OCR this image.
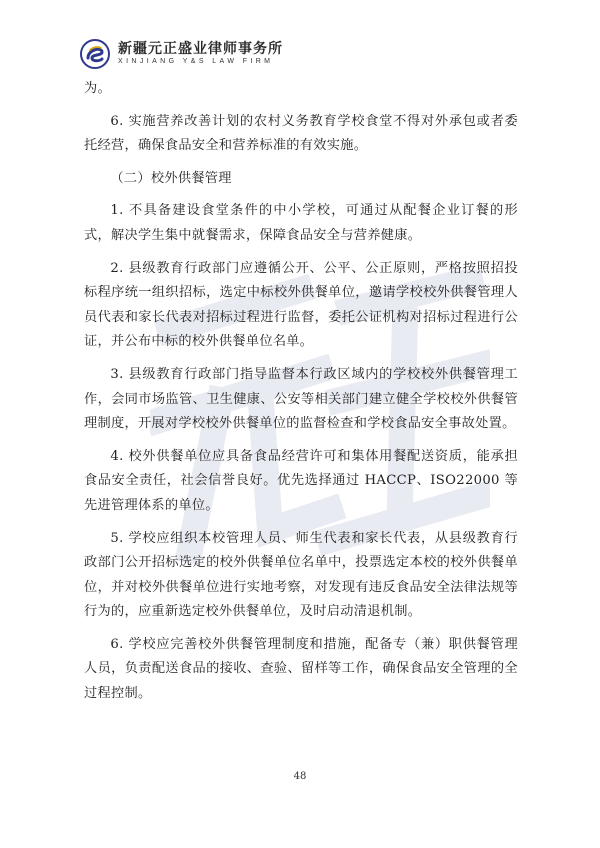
新疆元正盛业律师事务所
XINJIANG Y&S LAW FIRM

为。

6. 实施营养改善计划的农村义务教育学校食堂不得对外承包或者委托经营，确保食品安全和营养标准的有效实施。

（二）校外供餐管理

1. 不具备建设食堂条件的中小学校，可通过从配餐企业订餐的形式，解决学生集中就餐需求，保障食品安全与营养健康。

2. 县级教育行政部门应遵循公开、公平、公正原则，严格按照招投标程序统一组织招标，选定中标校外供餐单位，邀请学校校外供餐管理人员代表和家长代表对招标过程进行监督，委托公证机构对招标过程进行公证，并公布中标的校外供餐单位名单。

3. 县级教育行政部门指导监督本行政区域内的学校校外供餐管理工作，会同市场监管、卫生健康、公安等相关部门建立健全学校校外供餐管理制度，开展对学校校外供餐单位的监督检查和学校食品安全事故处置。

4. 校外供餐单位应具备食品经营许可和集体用餐配送资质，能承担食品安全责任，社会信誉良好。优先选择通过 HACCP、ISO22000 等先进管理体系的单位。

5. 学校应组织本校管理人员、师生代表和家长代表，从县级教育行政部门公开招标选定的校外供餐单位名单中，投票选定本校的校外供餐单位，并对校外供餐单位进行实地考察，对发现有违反食品安全法律法规等行为的，应重新选定校外供餐单位，及时启动清退机制。

6. 学校应完善校外供餐管理制度和措施，配备专（兼）职供餐管理人员，负责配送食品的接收、查验、留样等工作，确保食品安全管理的全过程控制。

48
